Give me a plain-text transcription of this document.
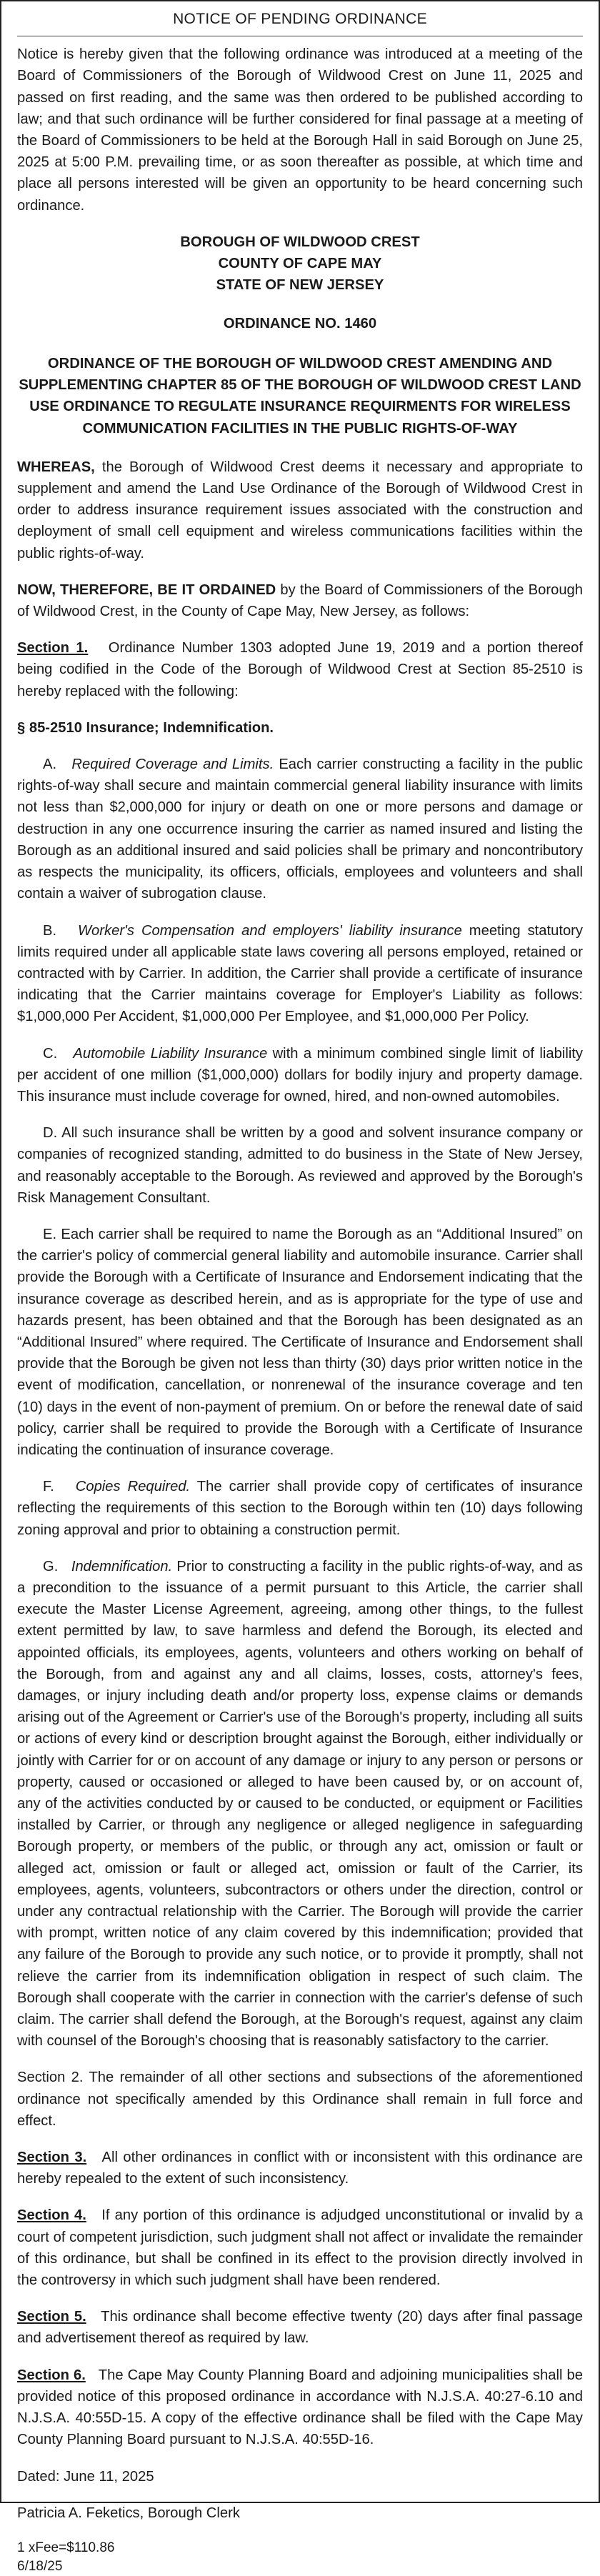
NOTICE OF PENDING ORDINANCE

Notice is hereby given that the following ordinance was introduced at a meeting of the Board of Commissioners of the Borough of Wildwood Crest on June 11, 2025 and passed on first reading, and the same was then ordered to be published according to law; and that such ordinance will be further considered for final passage at a meeting of the Board of Commissioners to be held at the Borough Hall in said Borough on June 25, 2025 at 5:00 P.M. prevailing time, or as soon thereafter as possible, at which time and place all persons interested will be given an opportunity to be heard concerning such ordinance.

BOROUGH OF WILDWOOD CREST
COUNTY OF CAPE MAY
STATE OF NEW JERSEY
ORDINANCE NO. 1460
ORDINANCE OF THE BOROUGH OF WILDWOOD CREST AMENDING AND SUPPLEMENTING CHAPTER 85 OF THE BOROUGH OF WILDWOOD CREST LAND USE ORDINANCE TO REGULATE INSURANCE REQUIRMENTS FOR WIRELESS COMMUNICATION FACILITIES IN THE PUBLIC RIGHTS-OF-WAY

WHEREAS, the Borough of Wildwood Crest deems it necessary and appropriate to supplement and amend the Land Use Ordinance of the Borough of Wildwood Crest in order to address insurance requirement issues associated with the construction and deployment of small cell equipment and wireless communications facilities within the public rights-of-way.

NOW, THEREFORE, BE IT ORDAINED by the Board of Commissioners of the Borough of Wildwood Crest, in the County of Cape May, New Jersey, as follows:

Section 1.   Ordinance Number 1303 adopted June 19, 2019 and a portion thereof being codified in the Code of the Borough of Wildwood Crest at Section 85-2510 is hereby replaced with the following:

§ 85-2510 Insurance; Indemnification.

A.   Required Coverage and Limits. Each carrier constructing a facility in the public rights-of-way shall secure and maintain commercial general liability insurance with limits not less than $2,000,000 for injury or death on one or more persons and damage or destruction in any one occurrence insuring the carrier as named insured and listing the Borough as an additional insured and said policies shall be primary and noncontributory as respects the municipality, its officers, officials, employees and volunteers and shall contain a waiver of subrogation clause.

B.   Worker's Compensation and employers' liability insurance meeting statutory limits required under all applicable state laws covering all persons employed, retained or contracted with by Carrier. In addition, the Carrier shall provide a certificate of insurance indicating that the Carrier maintains coverage for Employer's Liability as follows: $1,000,000 Per Accident, $1,000,000 Per Employee, and $1,000,000 Per Policy.

C.   Automobile Liability Insurance with a minimum combined single limit of liability per accident of one million ($1,000,000) dollars for bodily injury and property damage. This insurance must include coverage for owned, hired, and non-owned automobiles.

D. All such insurance shall be written by a good and solvent insurance company or companies of recognized standing, admitted to do business in the State of New Jersey, and reasonably acceptable to the Borough. As reviewed and approved by the Borough's Risk Management Consultant.

E. Each carrier shall be required to name the Borough as an “Additional Insured” on the carrier's policy of commercial general liability and automobile insurance. Carrier shall provide the Borough with a Certificate of Insurance and Endorsement indicating that the insurance coverage as described herein, and as is appropriate for the type of use and hazards present, has been obtained and that the Borough has been designated as an “Additional Insured” where required. The Certificate of Insurance and Endorsement shall provide that the Borough be given not less than thirty (30) days prior written notice in the event of modification, cancellation, or nonrenewal of the insurance coverage and ten (10) days in the event of non-payment of premium. On or before the renewal date of said policy, carrier shall be required to provide the Borough with a Certificate of Insurance indicating the continuation of insurance coverage.

F.   Copies Required. The carrier shall provide copy of certificates of insurance reflecting the requirements of this section to the Borough within ten (10) days following zoning approval and prior to obtaining a construction permit.

G.   Indemnification. Prior to constructing a facility in the public rights-of-way, and as a precondition to the issuance of a permit pursuant to this Article, the carrier shall execute the Master License Agreement, agreeing, among other things, to the fullest extent permitted by law, to save harmless and defend the Borough, its elected and appointed officials, its employees, agents, volunteers and others working on behalf of the Borough, from and against any and all claims, losses, costs, attorney's fees, damages, or injury including death and/or property loss, expense claims or demands arising out of the Agreement or Carrier's use of the Borough's property, including all suits or actions of every kind or description brought against the Borough, either individually or jointly with Carrier for or on account of any damage or injury to any person or persons or property, caused or occasioned or alleged to have been caused by, or on account of, any of the activities conducted by or caused to be conducted, or equipment or Facilities installed by Carrier, or through any negligence or alleged negligence in safeguarding Borough property, or members of the public, or through any act, omission or fault or alleged act, omission or fault or alleged act, omission or fault of the Carrier, its employees, agents, volunteers, subcontractors or others under the direction, control or under any contractual relationship with the Carrier. The Borough will provide the carrier with prompt, written notice of any claim covered by this indemnification; provided that any failure of the Borough to provide any such notice, or to provide it promptly, shall not relieve the carrier from its indemnification obligation in respect of such claim. The Borough shall cooperate with the carrier in connection with the carrier's defense of such claim. The carrier shall defend the Borough, at the Borough's request, against any claim with counsel of the Borough's choosing that is reasonably satisfactory to the carrier.

Section 2. The remainder of all other sections and subsections of the aforementioned ordinance not specifically amended by this Ordinance shall remain in full force and effect.

Section 3.   All other ordinances in conflict with or inconsistent with this ordinance are hereby repealed to the extent of such inconsistency.

Section 4.   If any portion of this ordinance is adjudged unconstitutional or invalid by a court of competent jurisdiction, such judgment shall not affect or invalidate the remainder of this ordinance, but shall be confined in its effect to the provision directly involved in the controversy in which such judgment shall have been rendered.

Section 5.   This ordinance shall become effective twenty (20) days after final passage and advertisement thereof as required by law.

Section 6.   The Cape May County Planning Board and adjoining municipalities shall be provided notice of this proposed ordinance in accordance with N.J.S.A. 40:27-6.10 and N.J.S.A. 40:55D-15. A copy of the effective ordinance shall be filed with the Cape May County Planning Board pursuant to N.J.S.A. 40:55D-16.

Dated: June 11, 2025

Patricia A. Feketics, Borough Clerk

1 xFee=$110.86
6/18/25
